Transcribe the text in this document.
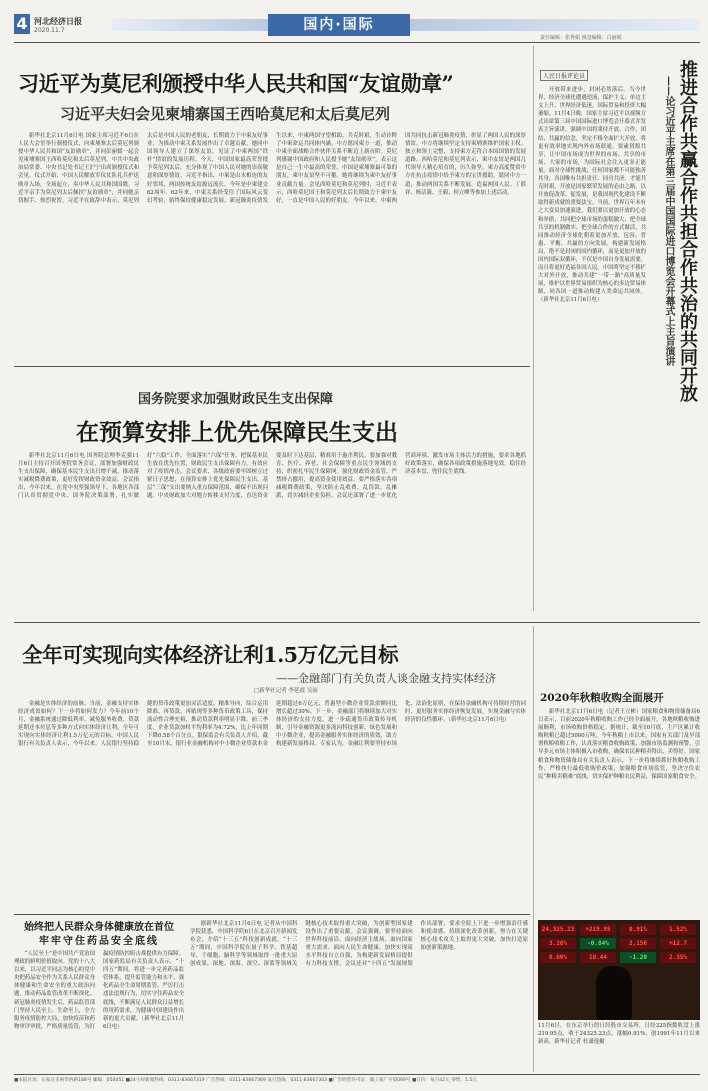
4 河北经济日报
2020.11.7	国内·国际
责任编辑：张秀娟 视觉编辑：白丽娟
习近平为莫尼利颁授中华人民共和国“友谊勋章”
习近平夫妇会见柬埔寨国王西哈莫尼和太后莫尼列
新华社北京11月6日电 国家主席习近平6日在人民大会堂举行颁授仪式，向柬埔寨太后莫尼列颁授中华人民共和国“友谊勋章”，并同彭丽媛一起会见柬埔寨国王西哈莫尼和太后莫尼列。中共中央政治局常委、中央书记处书记王沪宁出席颁授仪式和会见。仪式开始，中国人民解放军仪仗队礼兵护送勋章入场，全场起立，奏中华人民共和国国歌。习近平亲手为莫尼列太后佩挂“友谊勋章”，并同她亲切握手、热烈祝贺。习近平在致辞中表示，莫尼列太后是中国人民的老朋友，长期致力于中柬友好事业，为推动中柬关系发展作出了卓越贡献。她同中国领导人建立了深厚友谊，见证了中柬两国“铁杆”情谊的发展历程。今天，中国国家最高荣誉授予莫尼列太后，充分体现了中国人民对她的崇高敬意和深厚情谊。习近平指出，中柬是山水相连的友好邻邦，两国传统友谊源远流长。今年是中柬建交62周年。62年来，中柬关系经受住了国际风云变幻考验，始终保持健康稳定发展。新冠肺炎疫情发生以来，中柬两国守望相助、共克时艰，生动诠释了中柬命运共同体内涵。中方愿同柬方一道，推动中柬全面战略合作伙伴关系不断迈上新台阶。莫尼列感谢中国政府和人民授予她“友谊勋章”，表示这是自己一生中最高的荣誉。中国是柬埔寨最可靠的朋友，柬中友谊坚不可摧。她将继续为柬中友好事业贡献力量。会见西哈莫尼和莫尼列时，习近平表示，西哈莫尼国王和莫尼列太后长期致力于柬中友好，一直是中国人民的好朋友。今年以来，中柬两国共同抗击新冠肺炎疫情，彰显了两国人民的深厚情谊。中方将继续坚定支持柬埔寨维护国家主权、独立和领土完整，支持柬方走符合本国国情的发展道路。西哈莫尼和莫尼列表示，柬中友谊是两国几代领导人精心培育的，历久弥坚。柬方高度赞赏中方在抗击疫情中给予柬方的宝贵援助，愿同中方一道，推动两国关系不断发展，造福两国人民。丁薛祥、杨洁篪、王毅、何立峰等参加上述活动。
人民日报评论员	推进合作共赢合作共担合作共治的共同开放
——论习近平主席在第三届中国国际进口博览会开幕式上主旨演讲
开放带来进步，封闭必然落后。当今世界，经济全球化遭遇逆流，保护主义、单边主义上升，世界经济低迷，国际贸易和投资大幅萎缩。11月4日晚，国家主席习近平以视频方式出席第三届中国国际进口博览会开幕式并发表主旨演讲，强调中国将秉持开放、合作、团结、共赢的信念，坚定不移全面扩大开放，将更有效率地实现内外市场联通、要素资源共享，让中国市场成为世界的市场、共享的市场、大家的市场，为国际社会注入更多正能量。面对全球性挑战，任何国家都不可能独善其身，各国唯有共担责任、同舟共济，才能共克时艰。开放是国家繁荣发展的必由之路。以开放促改革、促发展，是我国现代化建设不断取得新成就的重要法宝。当前，世界百年未有之大变局加速演进，我们要以更加开放的心态和举措，共同把全球市场的蛋糕做大、把全球共享的机制做实、把全球合作的方式做活，共同推动经济全球化朝着更加开放、包容、普惠、平衡、共赢的方向发展。构建新发展格局，绝不是封闭的国内循环，而是更加开放的国内国际双循环，不仅是中国自身发展需要，而且将更好造福各国人民。中国将坚定不移扩大对外开放，推动共建“一带一路”高质量发展，维护以世界贸易组织为核心的多边贸易体制，同各国一道推动构建人类命运共同体。（新华社北京11月6日电）
国务院要求加强财政民生支出保障
在预算安排上优先保障民生支出
新华社北京11月6日电 国务院总理李克强11月6日主持召开国务院常务会议，部署加强财政民生支出保障，确保基本民生支出只增不减，推动落实减税降费政策，更好发挥财政资金效益。会议指出，今年以来，在党中央坚强领导下，各地区各部门认真贯彻党中央、国务院决策部署，扎实做好“六稳”工作、全面落实“六保”任务，把保基本民生放在优先位置，财政民生支出保障有力，有效应对了疫情冲击。会议要求，各级政府要牢固树立过紧日子思想，在预算安排上优先保障民生支出。基层“三保”支出要纳入重点保障范围，确保不出现问题。中央财政加大对地方转移支付力度，直达资金要及时下达基层，精准用于惠企利民。要加强对教育、医疗、养老、社会保障等重点民生领域的支持，织密扎牢民生保障网。强化财政资金监管，严禁挤占挪用，提高资金使用效益。要严格落实各项减税降费政策，坚决防止乱收费、乱罚款、乱摊派，切实减轻企业负担。会议还部署了进一步优化营商环境、激发市场主体活力的措施，要求各地抓好政策落实，确保各项政策措施落地见效，稳住经济基本盘，兜住民生底线。
全年可实现向实体经济让利1.5万亿元目标
——金融部门有关负责人谈金融支持实体经济
□新华社记者 李延霞 吴雨
金融是实体经济的血脉。当前，金融支持实体经济成效如何？下一步将如何发力？今年前10个月，金融系统通过降低利率、减免服务收费、贷款延期还本付息等多种方式向实体经济让利，全年可实现向实体经济让利1.5万亿元的目标。中国人民银行有关负责人表示，今年以来，人民银行坚持稳健的货币政策更加灵活适度、精准导向，综合运用降准、再贷款、再贴现等多种货币政策工具，保持流动性合理充裕，推动贷款利率明显下降。前三季度，企业贷款加权平均利率为4.72%，比上年同期下降0.58个百分点。银保监会有关负责人介绍，截至10月末，银行业金融机构对中小微企业贷款本金延期超过6万亿元，普惠型小微企业贷款余额同比增长超过30%。下一步，金融部门将继续加大对实体经济的支持力度，进一步疏通货币政策传导机制，引导金融资源更多流向科技创新、绿色发展和中小微企业，提高金融服务实体经济的质效，助力构建新发展格局。专家认为，金融让利要坚持市场化、法治化原则，在保持金融机构可持续经营的同时，更好服务实体经济恢复发展，实现金融与实体经济的良性循环。（新华社北京11月6日电）
2020年秋粮收购全面展开
新华社北京11月6日电（记者王立彬）国家粮食和物资储备局6日表示，目前2020年秋粮收购工作已经全面展开，各地秋粮收购进展顺利，市场收购价格稳定。据统计，截至10月底，主产区累计收购秋粮已超过5000万吨。今年秋粮上市以来，国家有关部门及早部署秋粮收购工作，认真落实粮食收购政策，加强市场监测和预警，引导多元市场主体积极入市收购，确保农民种粮卖得出、卖得好。国家粮食和物资储备局有关负责人表示，下一步将继续抓好秋粮收购工作，严格执行最低收购价政策，加强粮食市场监管，坚决守住农民“种粮卖粮难”底线，切实保护种粮农民利益，保障国家粮食安全。
始终把人民群众身体健康放在首位
牢牢守住药品安全底线
“人民至上”是中国共产党治国理政的鲜明价值取向。党的十八大以来，以习近平同志为核心的党中央把药品安全作为关系人民群众身体健康和生命安全的重大政治问题，推动药品监管改革不断深化。新冠肺炎疫情发生后，药品监管部门坚持人民至上、生命至上，全力服务疫情防控大局，加快疫苗和药物审评审批，严格质量监管，为打赢疫情防控阻击战提供有力保障。国家药监局有关负责人表示，“十四五”期间，将进一步完善药品监管体系，提升监管能力和水平，强化药品全生命周期监管，严厉打击违法违规行为，切实守住药品安全底线，不断满足人民群众日益增长的用药需求，为健康中国建设作出新的更大贡献。（新华社北京11月6日电）
据新华社北京11月6日电 记者从中国科学院获悉，中国科学院6日在北京召开新闻发布会，介绍“十三五”科技创新成就。“十三五”期间，中国科学院在量子科学、铁基超导、干细胞、脑科学等领域取得一批重大原创成果，深地、深海、深空、深蓝等领域关键核心技术取得重大突破，为创新型国家建设作出了重要贡献。会议强调，要坚持面向世界科技前沿、面向经济主战场、面向国家重大需求、面向人民生命健康，加快实现高水平科技自立自强，为构建新发展格局提供有力科技支撑。会议还对“十四五”发展规划作出部署，要求全院上下进一步增强责任感和使命感，持续深化改革创新，努力在关键核心技术攻关上取得更大突破，加快打造原始创新策源地。
24,325.23	+219.95	0.91%	1.52%
3.26%	-0.84%	2,156	+12.7
0.60%	18.44	-1.20	2.35%
11月6日，在东京举行的日经股市交易所，日经225指数收盘上涨219.95点，收于24325.23点，涨幅0.91%，创1991年11月以来新高。新华社记者 杜潇逸摄
■本报社址：石家庄市裕华西路188号 邮编：050051 ■24小时新闻热线：0311-83667319 广告热线：0311-83667369 发行热线：0311-83667303 ■广告经营许可证：冀工商广字第069号 ■订价：每月42元 零售：1.5元
